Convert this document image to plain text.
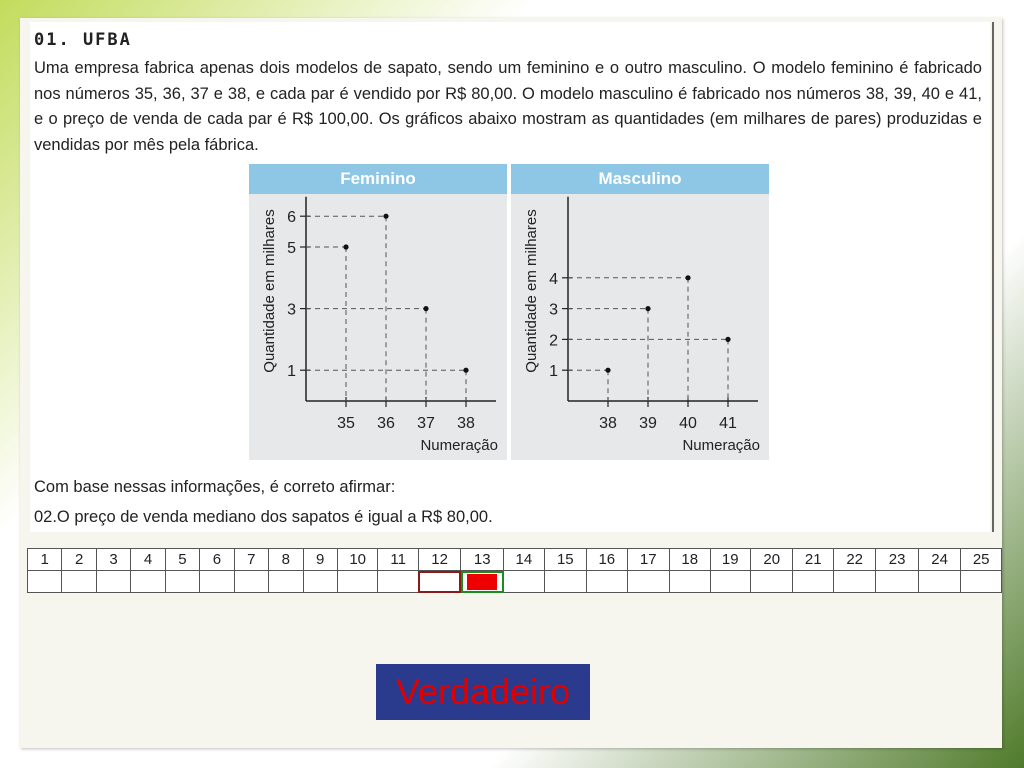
01. UFBA

Uma empresa fabrica apenas dois modelos de sapato, sendo um feminino e o outro masculino. O modelo feminino é fabricado nos números 35, 36, 37 e 38, e cada par é vendido por R$ 80,00. O modelo masculino é fabricado nos números 38, 39, 40 e 41, e o preço de venda de cada par é R$ 100,00. Os gráficos abaixo mostram as quantidades (em milhares de pares) produzidas e vendidas por mês pela fábrica.

Feminino
1
3
5
6
35 36 37 38
Quantidade em milhares
Numeração
Masculino
1
2
3
4
38 39 40 41
Quantidade em milhares
Numeração
Com base nessas informações, é correto afirmar:
02.O preço de venda mediano dos sapatos é igual a R$ 80,00.
1	2	3	4	5	6	7	8	9	10	11	12	13	14	15	16	17	18	19	20	21	22	23	24	25

Verdadeiro
